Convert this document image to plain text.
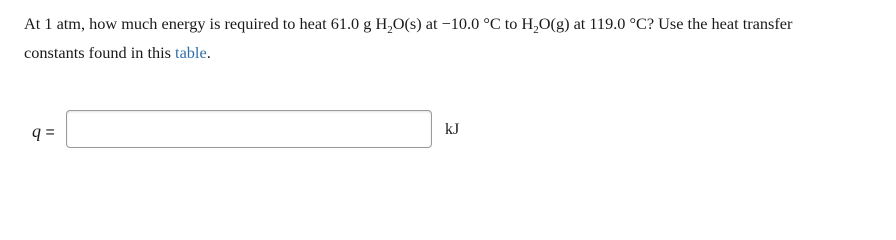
At 1 atm, how much energy is required to heat 61.0 g $H_2O(s)$ at −10.0 °C to $H_2O(g)$ at 119.0 °C? Use the heat transfer
constants found in this table.
q =	kJ
